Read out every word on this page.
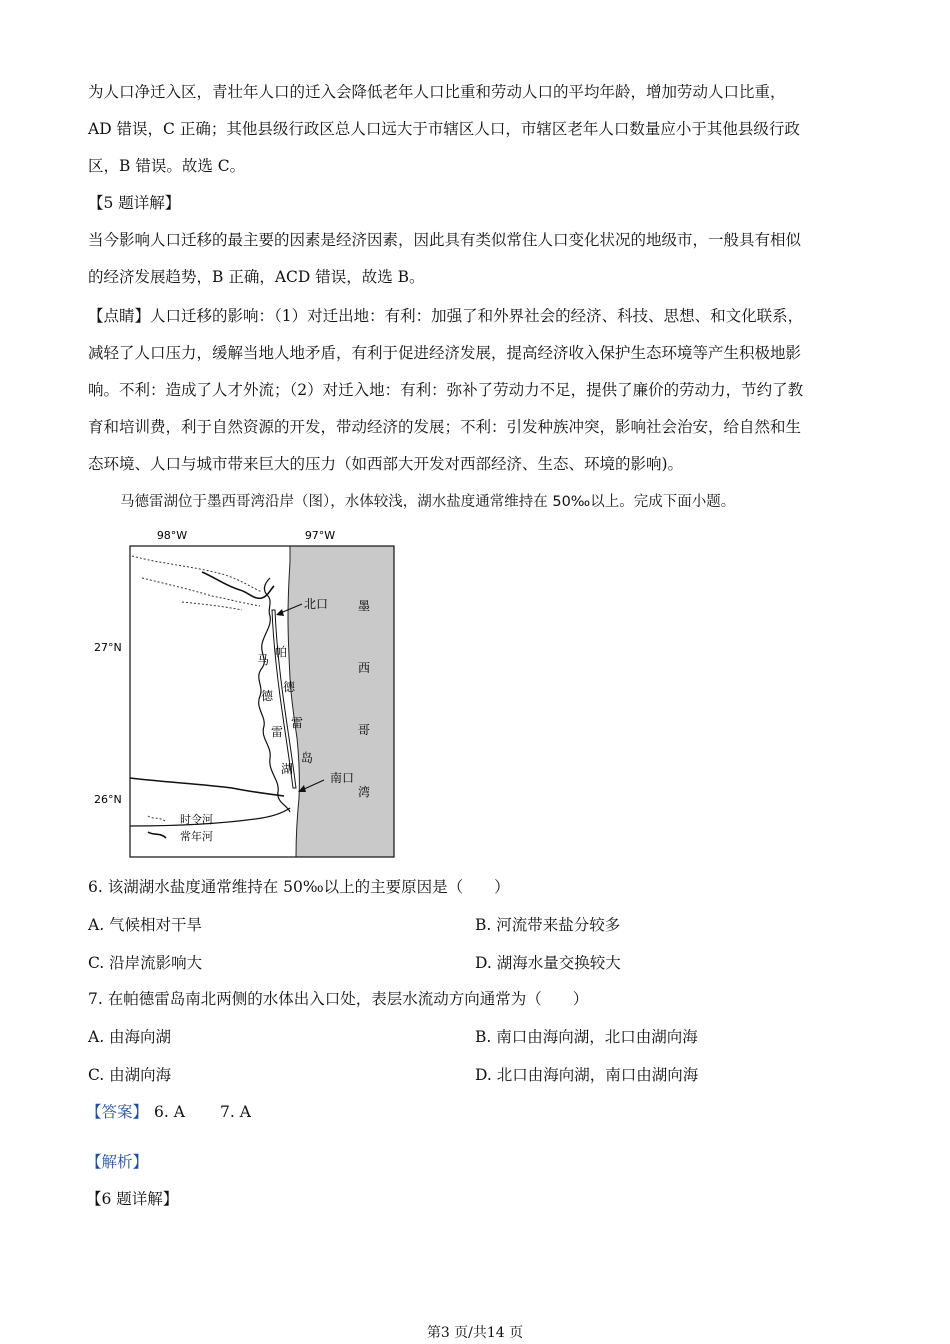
为人口净迁入区，青壮年人口的迁入会降低老年人口比重和劳动人口的平均年龄，增加劳动人口比重，
AD 错误，C 正确；其他县级行政区总人口远大于市辖区人口，市辖区老年人口数量应小于其他县级行政
区，B 错误。故选 C。
【5 题详解】
当今影响人口迁移的最主要的因素是经济因素，因此具有类似常住人口变化状况的地级市，一般具有相似
的经济发展趋势，B 正确，ACD 错误，故选 B。
【点睛】人口迁移的影响：（1）对迁出地：有利：加强了和外界社会的经济、科技、思想、和文化联系，
减轻了人口压力，缓解当地人地矛盾，有利于促进经济发展，提高经济收入保护生态环境等产生积极地影
响。不利：造成了人才外流；（2）对迁入地：有利：弥补了劳动力不足，提供了廉价的劳动力，节约了教
育和培训费，利于自然资源的开发，带动经济的发展；不利：引发种族冲突，影响社会治安，给自然和生
态环境、人口与城市带来巨大的压力（如西部大开发对西部经济、生态、环境的影响)。
马德雷湖位于墨西哥湾沿岸（图），水体较浅，湖水盐度通常维持在 50‰以上。完成下面小题。
98°W	97°W
27°N
26°N
北口
南口
墨
西
哥
湾
马
德
雷
湖
帕
德
雷
岛
时令河
常年河
6. 该湖湖水盐度通常维持在 50‰以上的主要原因是（　　）
A. 气候相对干旱	B. 河流带来盐分较多
C. 沿岸流影响大	D. 湖海水量交换较大
7. 在帕德雷岛南北两侧的水体出入口处，表层水流动方向通常为（　　）
A. 由海向湖	B. 南口由海向湖，北口由湖向海
C. 由湖向海	D. 北口由海向湖，南口由湖向海
【答案】 6. A 7. A
【解析】
【6 题详解】
第3 页/共14 页
